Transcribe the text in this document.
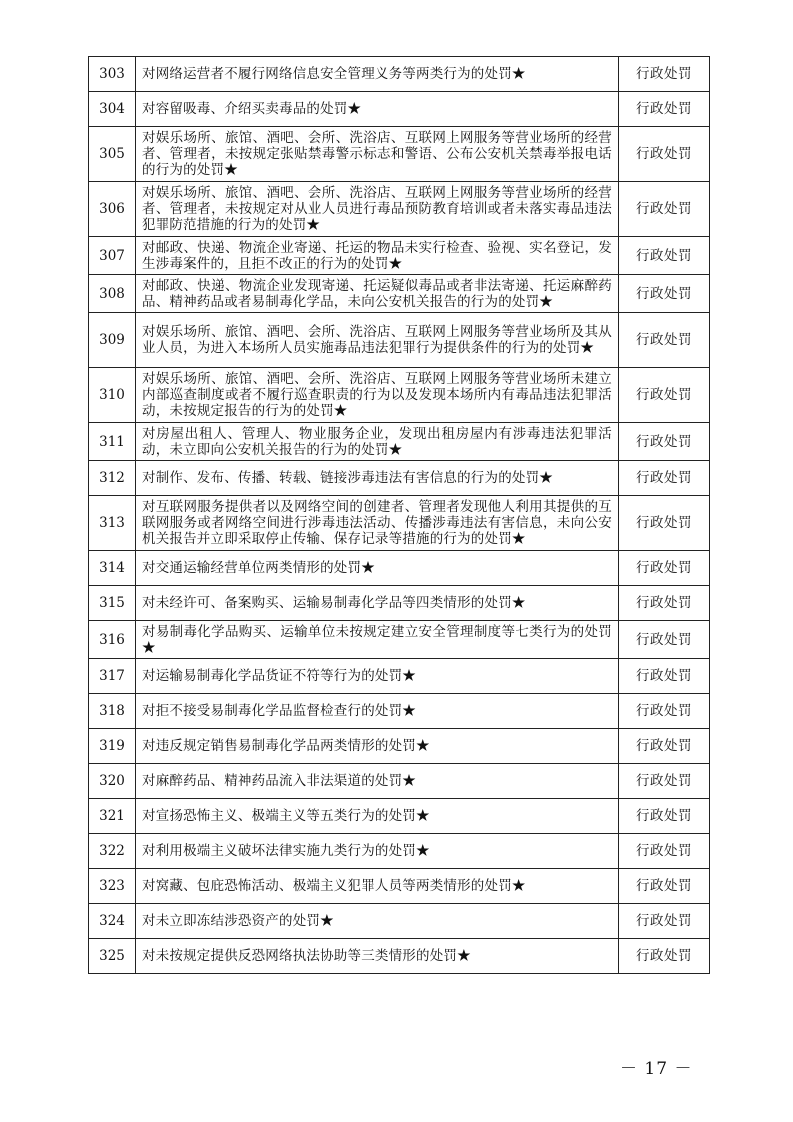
303	对网络运营者不履行网络信息安全管理义务等两类行为的处罚★	行政处罚
304	对容留吸毒、介绍买卖毒品的处罚★	行政处罚
305	对娱乐场所、旅馆、酒吧、会所、洗浴店、互联网上网服务等营业场所的经营者、管理者，未按规定张贴禁毒警示标志和警语、公布公安机关禁毒举报电话的行为的处罚★	行政处罚
306	对娱乐场所、旅馆、酒吧、会所、洗浴店、互联网上网服务等营业场所的经营者、管理者，未按规定对从业人员进行毒品预防教育培训或者未落实毒品违法犯罪防范措施的行为的处罚★	行政处罚
307	对邮政、快递、物流企业寄递、托运的物品未实行检查、验视、实名登记，发生涉毒案件的，且拒不改正的行为的处罚★	行政处罚
308	对邮政、快递、物流企业发现寄递、托运疑似毒品或者非法寄递、托运麻醉药品、精神药品或者易制毒化学品，未向公安机关报告的行为的处罚★	行政处罚
309	对娱乐场所、旅馆、酒吧、会所、洗浴店、互联网上网服务等营业场所及其从业人员，为进入本场所人员实施毒品违法犯罪行为提供条件的行为的处罚★	行政处罚
310	对娱乐场所、旅馆、酒吧、会所、洗浴店、互联网上网服务等营业场所未建立内部巡查制度或者不履行巡查职责的行为以及发现本场所内有毒品违法犯罪活动，未按规定报告的行为的处罚★	行政处罚
311	对房屋出租人、管理人、物业服务企业，发现出租房屋内有涉毒违法犯罪活动，未立即向公安机关报告的行为的处罚★	行政处罚
312	对制作、发布、传播、转载、链接涉毒违法有害信息的行为的处罚★	行政处罚
313	对互联网服务提供者以及网络空间的创建者、管理者发现他人利用其提供的互联网服务或者网络空间进行涉毒违法活动、传播涉毒违法有害信息，未向公安机关报告并立即采取停止传输、保存记录等措施的行为的处罚★	行政处罚
314	对交通运输经营单位两类情形的处罚★	行政处罚
315	对未经许可、备案购买、运输易制毒化学品等四类情形的处罚★	行政处罚
316	对易制毒化学品购买、运输单位未按规定建立安全管理制度等七类行为的处罚★	行政处罚
317	对运输易制毒化学品货证不符等行为的处罚★	行政处罚
318	对拒不接受易制毒化学品监督检查行的处罚★	行政处罚
319	对违反规定销售易制毒化学品两类情形的处罚★	行政处罚
320	对麻醉药品、精神药品流入非法渠道的处罚★	行政处罚
321	对宣扬恐怖主义、极端主义等五类行为的处罚★	行政处罚
322	对利用极端主义破坏法律实施九类行为的处罚★	行政处罚
323	对窝藏、包庇恐怖活动、极端主义犯罪人员等两类情形的处罚★	行政处罚
324	对未立即冻结涉恐资产的处罚★	行政处罚
325	对未按规定提供反恐网络执法协助等三类情形的处罚★	行政处罚
－ 17 －
